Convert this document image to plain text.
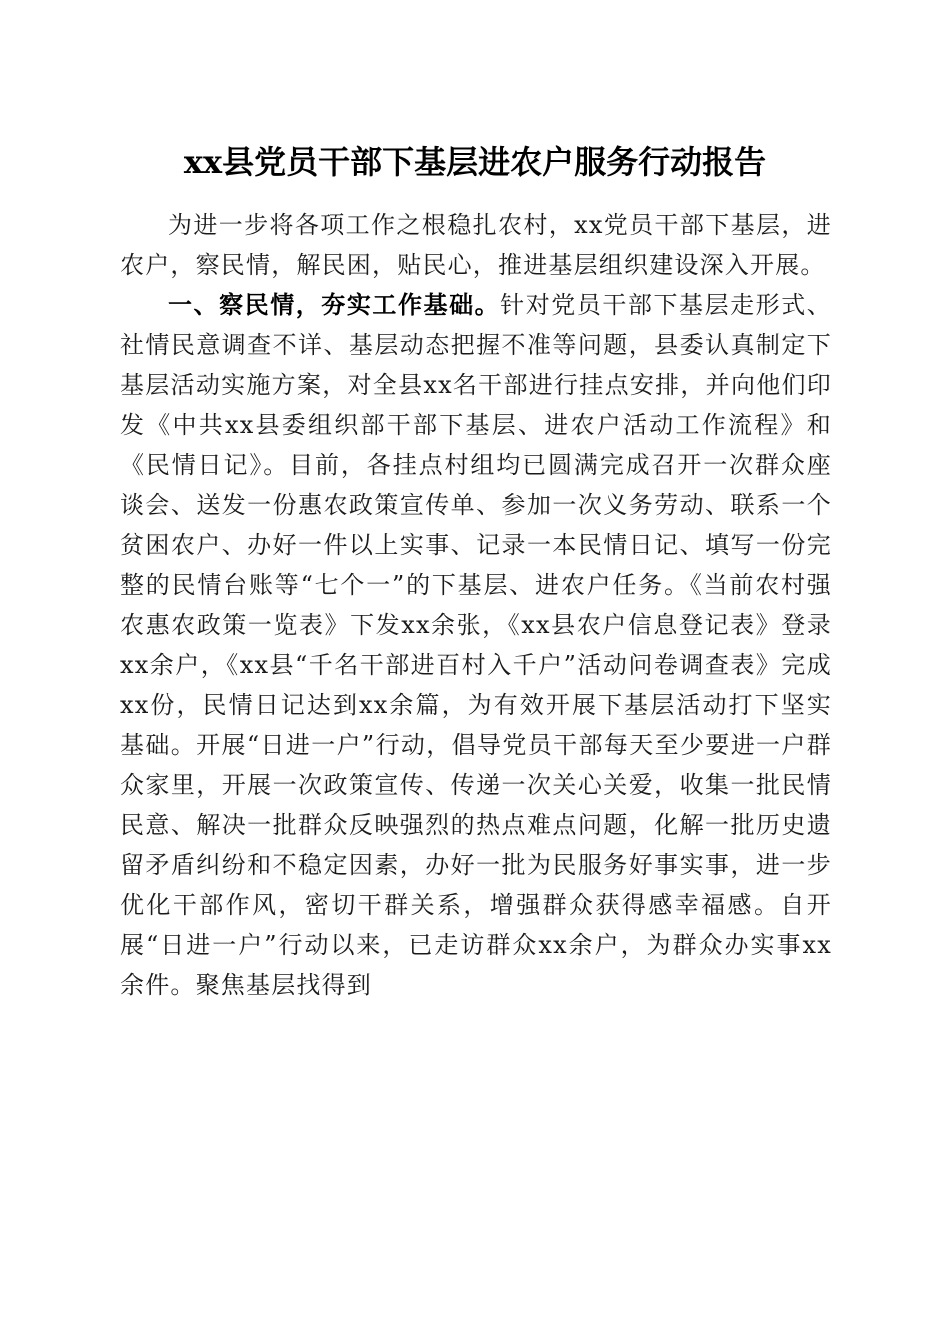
xx县党员干部下基层进农户服务行动报告

为进一步将各项工作之根稳扎农村，xx党员干部下基层，进农户，察民情，解民困，贴民心，推进基层组织建设深入开展。

一、察民情，夯实工作基础。针对党员干部下基层走形式、社情民意调查不详、基层动态把握不准等问题，县委认真制定下基层活动实施方案，对全县xx名干部进行挂点安排，并向他们印发《中共xx县委组织部干部下基层、进农户活动工作流程》和《民情日记》。目前，各挂点村组均已圆满完成召开一次群众座谈会、送发一份惠农政策宣传单、参加一次义务劳动、联系一个贫困农户、办好一件以上实事、记录一本民情日记、填写一份完整的民情台账等“七个一”的下基层、进农户任务。《当前农村强农惠农政策一览表》下发xx余张，《xx县农户信息登记表》登录xx余户，《xx县“千名干部进百村入千户”活动问卷调查表》完成xx份，民情日记达到xx余篇，为有效开展下基层活动打下坚实基础。开展“日进一户”行动，倡导党员干部每天至少要进一户群众家里，开展一次政策宣传、传递一次关心关爱，收集一批民情民意、解决一批群众反映强烈的热点难点问题，化解一批历史遗留矛盾纠纷和不稳定因素，办好一批为民服务好事实事，进一步优化干部作风，密切干群关系，增强群众获得感幸福感。自开展“日进一户”行动以来，已走访群众xx余户，为群众办实事xx余件。聚焦基层找得到
